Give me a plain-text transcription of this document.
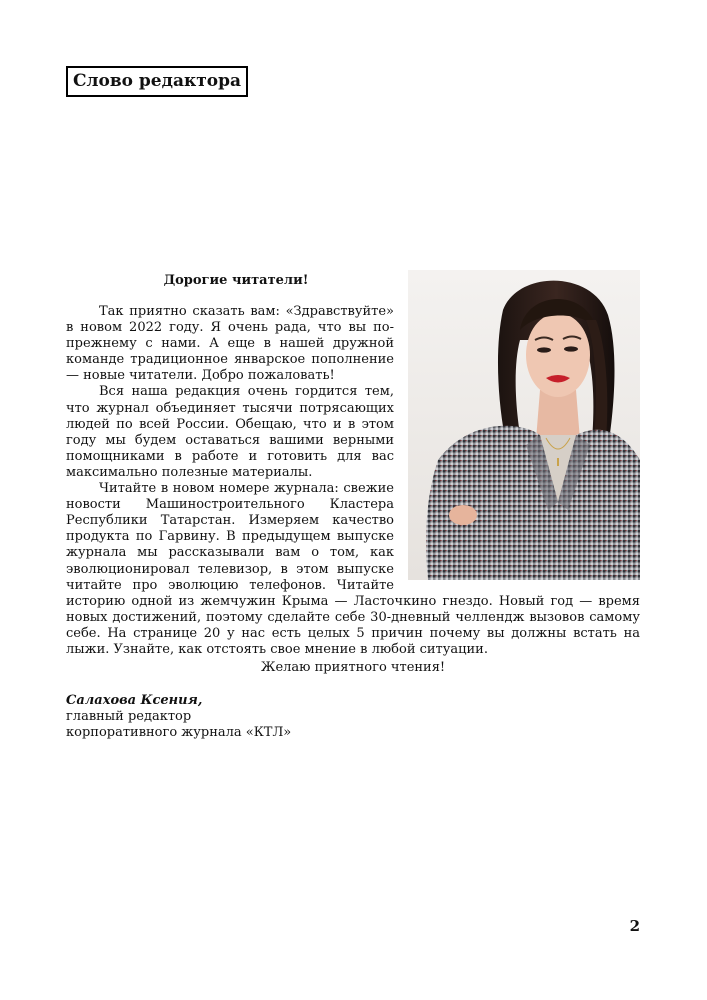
Слово редактора
Дорогие читатели!

Так приятно сказать вам: «Здравствуйте» в новом 2022 году. Я очень рада, что вы по-прежнему с нами. А еще в нашей дружной команде традиционное январское пополнение — новые читатели. Добро пожаловать!

Вся наша редакция очень гордится тем, что журнал объединяет тысячи потрясающих людей по всей России. Обещаю, что и в этом году мы будем оставаться вашими верными помощниками в работе и готовить для вас максимально полезные материалы.

Читайте в новом номере журнала: свежие новости Машиностроительного Кластера Республики Татарстан. Измеряем качество продукта по Гарвину. В предыдущем выпуске журнала мы рассказывали вам о том, как эволюционировал телевизор, в этом выпуске читайте про эволюцию телефонов. Читайте историю одной из жемчужин Крыма — Ласточкино гнездо. Новый год — время новых достижений, поэтому сделайте себе 30-дневный челлендж вызовов самому себе. На странице 20 у нас есть целых 5 причин почему вы должны встать на лыжи. Узнайте, как отстоять свое мнение в любой ситуации.

Желаю приятного чтения!
Салахова Ксения,
главный редактор
корпоративного журнала «КТЛ»
2
